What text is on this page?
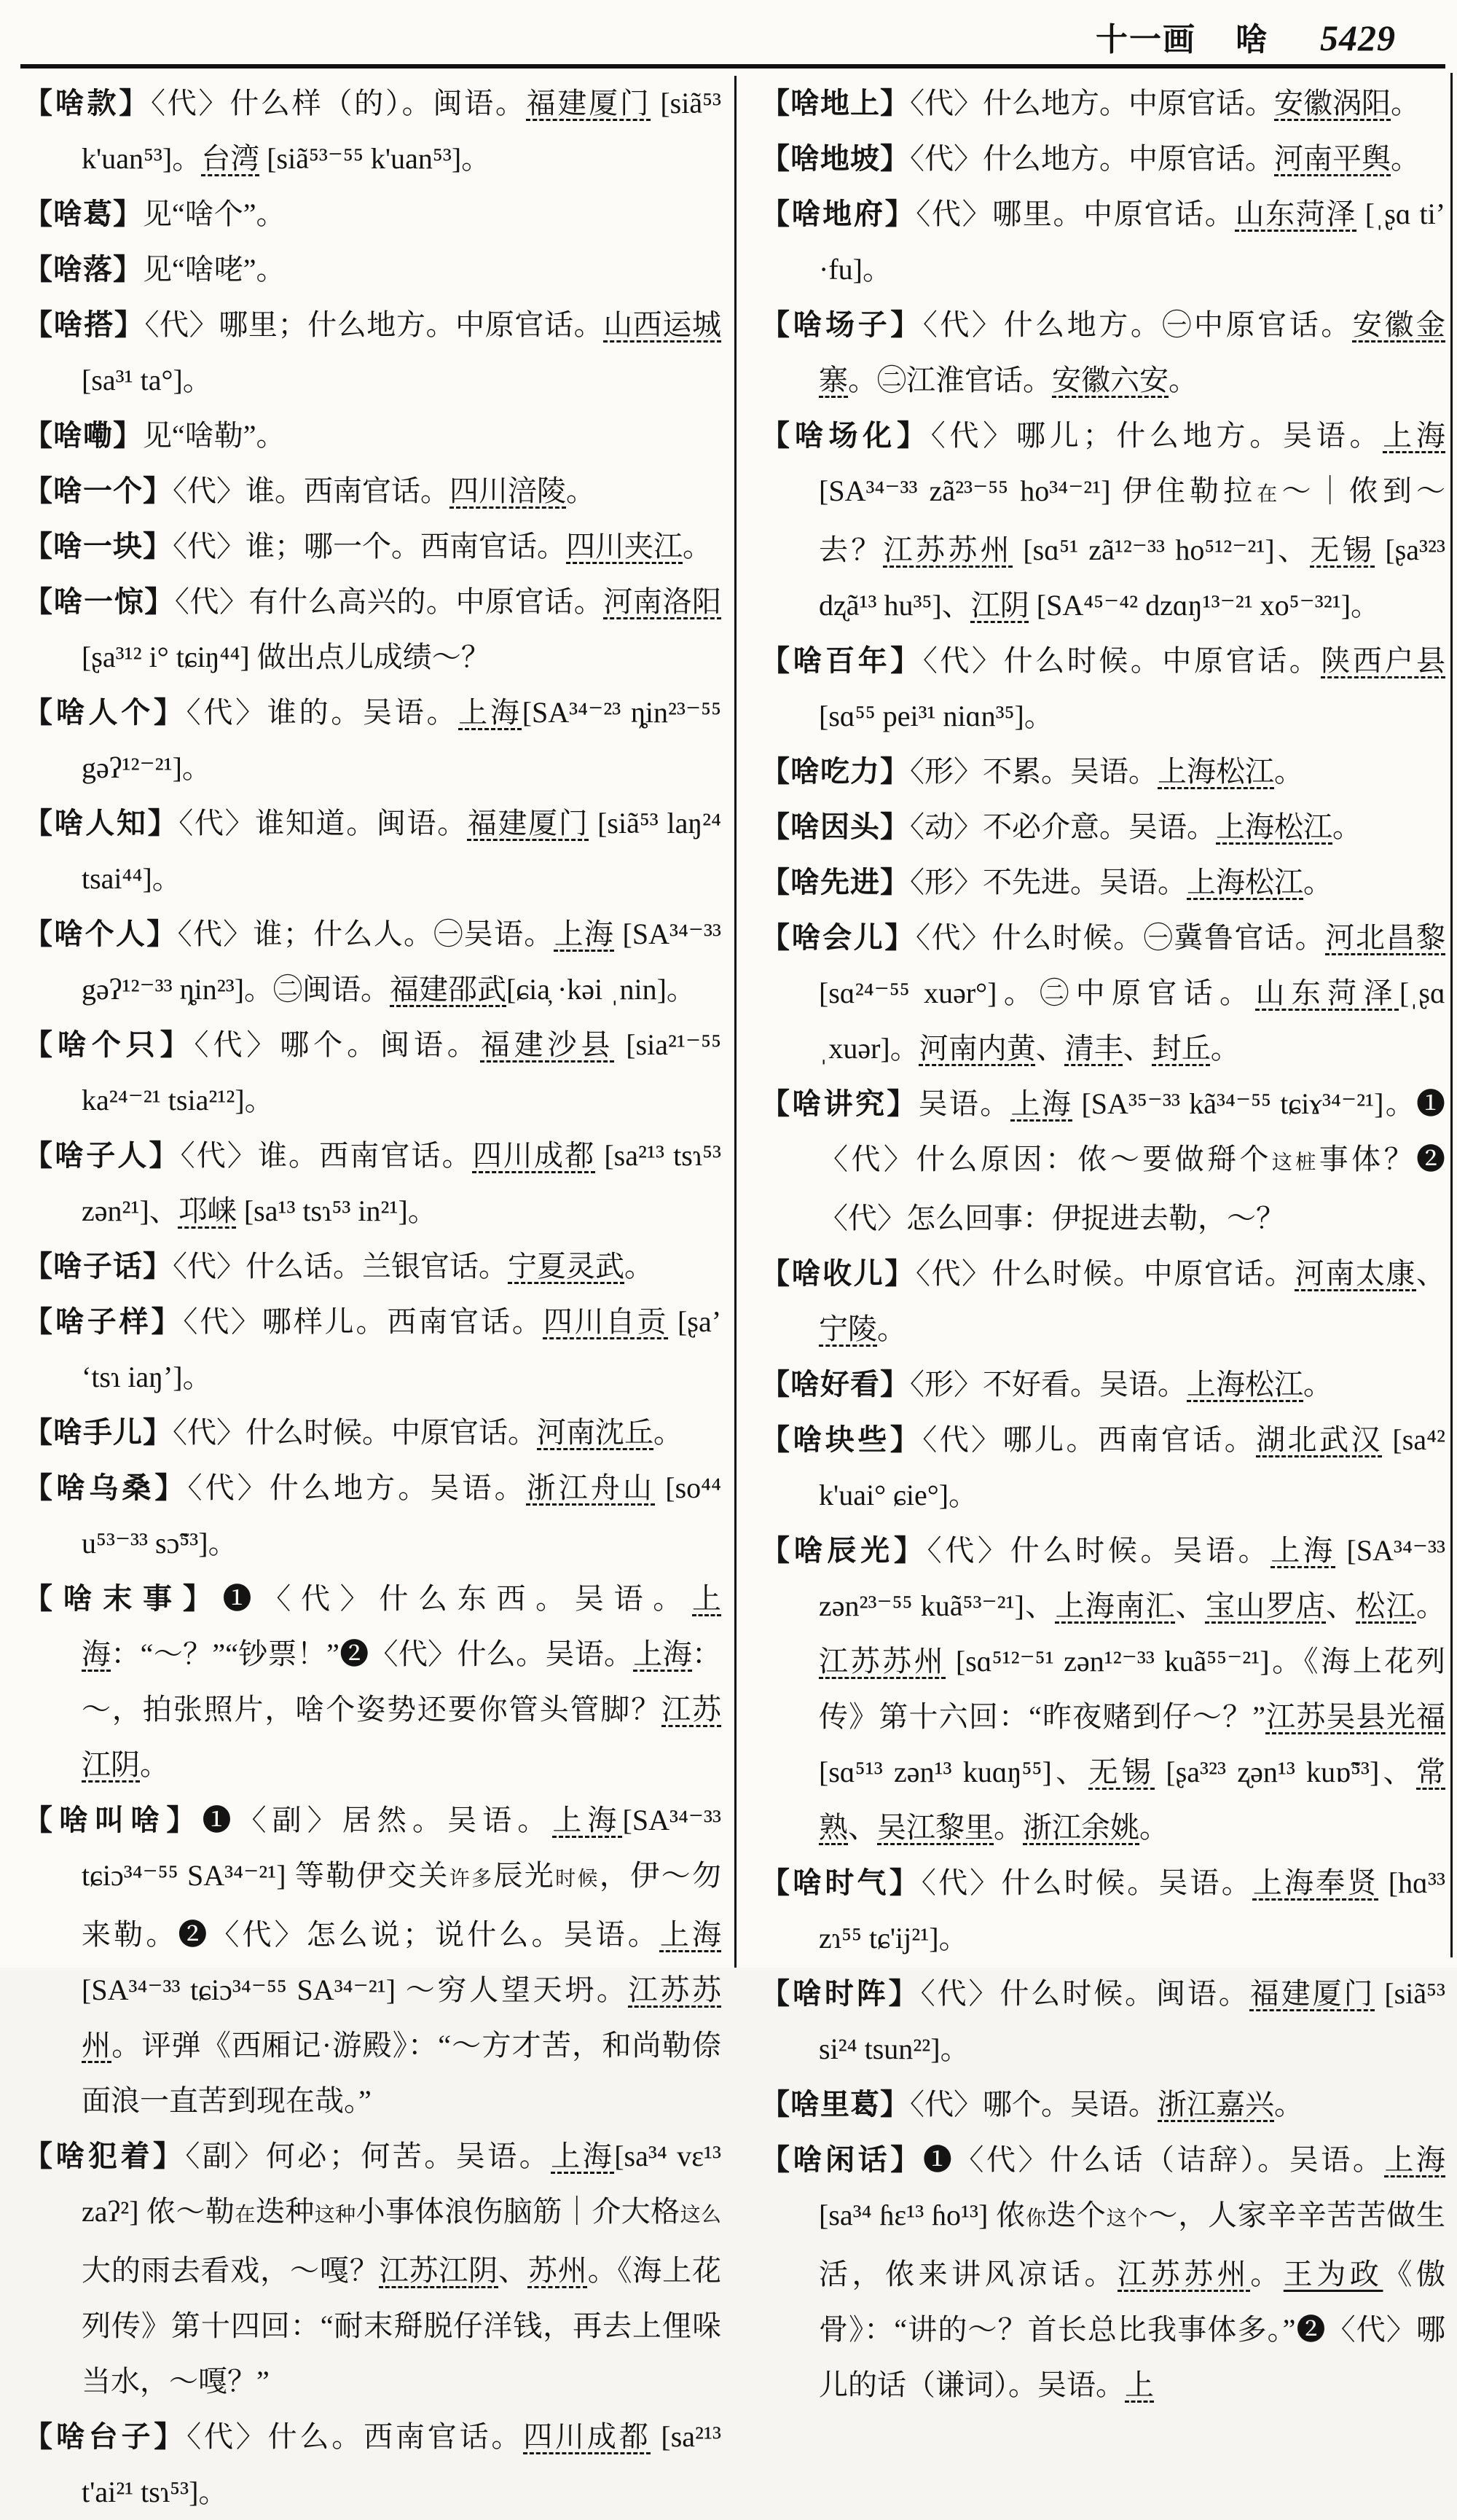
十一画 啥 5429
【啥款】〈代〉什么样（的）。闽语。福建厦门 [siã⁵³ k'uan⁵³]。台湾 [siã⁵³⁻⁵⁵ k'uan⁵³]。
【啥葛】见“啥个”。
【啥落】见“啥咾”。
【啥搭】〈代〉哪里；什么地方。中原官话。山西运城 [sa³¹ ta°]。
【啥嘞】见“啥勒”。
【啥一个】〈代〉谁。西南官话。四川涪陵。
【啥一块】〈代〉谁；哪一个。西南官话。四川夹江。
【啥一惊】〈代〉有什么高兴的。中原官话。河南洛阳 [ʂa³¹² i° tɕiŋ⁴⁴] 做出点儿成绩～？
【啥人个】〈代〉谁的。吴语。上海[SA³⁴⁻²³ ȵin²³⁻⁵⁵ gəʔ¹²⁻²¹]。
【啥人知】〈代〉谁知道。闽语。福建厦门 [siã⁵³ laŋ²⁴ tsai⁴⁴]。
【啥个人】〈代〉谁；什么人。㊀吴语。上海 [SA³⁴⁻³³ gəʔ¹²⁻³³ ȵin²³]。㊁闽语。福建邵武[ɕia̦ ·kəi ˌnin]。
【啥个只】〈代〉哪个。闽语。福建沙县 [sia²¹⁻⁵⁵ ka²⁴⁻²¹ tsia²¹²]。
【啥子人】〈代〉谁。西南官话。四川成都 [sa²¹³ tsɿ⁵³ zən²¹]、邛崃 [sa¹³ tsɿ⁵³ in²¹]。
【啥子话】〈代〉什么话。兰银官话。宁夏灵武。
【啥子样】〈代〉哪样儿。西南官话。四川自贡 [ʂaʼ ʻtsɿ iaŋʼ]。
【啥手儿】〈代〉什么时候。中原官话。河南沈丘。
【啥乌桑】〈代〉什么地方。吴语。浙江舟山 [so⁴⁴ u⁵³⁻³³ sɔ̃⁵³]。
【啥末事】❶〈代〉什么东西。吴语。上海：“～？”“钞票！”❷〈代〉什么。吴语。上海：～，拍张照片，啥个姿势还要你管头管脚？江苏江阴。
【啥叫啥】❶〈副〉居然。吴语。上海[SA³⁴⁻³³ tɕiɔ³⁴⁻⁵⁵ SA³⁴⁻²¹] 等勒伊交关许多辰光时候，伊～勿来勒。❷〈代〉怎么说；说什么。吴语。上海 [SA³⁴⁻³³ tɕiɔ³⁴⁻⁵⁵ SA³⁴⁻²¹] ～穷人望天坍。江苏苏州。评弹《西厢记·游殿》：“～方才苦，和尚勒倷面浪一直苦到现在哉。”
【啥犯着】〈副〉何必；何苦。吴语。上海[sa³⁴ vɛ¹³ zaʔ²] 侬～勒在迭种这种小事体浪伤脑筋｜介大格这么大的雨去看戏，～嘎？江苏江阴、苏州。《海上花列传》第十四回：“耐末搿脱仔洋钱，再去上俚哚当水，～嘎？”
【啥台子】〈代〉什么。西南官话。四川成都 [sa²¹³ t'ai²¹ tsɿ⁵³]。
【啥地上】〈代〉什么地方。中原官话。安徽涡阳。
【啥地坡】〈代〉什么地方。中原官话。河南平舆。
【啥地府】〈代〉哪里。中原官话。山东菏泽 [ˌʂɑ tiʼ ·fu]。
【啥场子】〈代〉什么地方。㊀中原官话。安徽金寨。㊁江淮官话。安徽六安。
【啥场化】〈代〉哪儿；什么地方。吴语。上海 [SA³⁴⁻³³ zã²³⁻⁵⁵ ho³⁴⁻²¹] 伊住勒拉在～｜侬到～去？江苏苏州 [sɑ⁵¹ zã¹²⁻³³ ho⁵¹²⁻²¹]、无锡 [ʂa³²³ dʐã¹³ hu³⁵]、江阴 [SA⁴⁵⁻⁴² dzɑŋ¹³⁻²¹ xo⁵⁻³²¹]。
【啥百年】〈代〉什么时候。中原官话。陕西户县 [sɑ⁵⁵ pei³¹ niɑn³⁵]。
【啥吃力】〈形〉不累。吴语。上海松江。
【啥因头】〈动〉不必介意。吴语。上海松江。
【啥先进】〈形〉不先进。吴语。上海松江。
【啥会儿】〈代〉什么时候。㊀冀鲁官话。河北昌黎 [sɑ²⁴⁻⁵⁵ xuər°]。㊁中原官话。山东菏泽[ˌʂɑ ˌxuər]。河南内黄、清丰、封丘。
【啥讲究】吴语。上海 [SA³⁵⁻³³ kã³⁴⁻⁵⁵ tɕiɤ³⁴⁻²¹]。❶〈代〉什么原因：侬～要做搿个这桩事体？❷〈代〉怎么回事：伊捉进去勒，～？
【啥收儿】〈代〉什么时候。中原官话。河南太康、宁陵。
【啥好看】〈形〉不好看。吴语。上海松江。
【啥块些】〈代〉哪儿。西南官话。湖北武汉 [sa⁴² k'uai° ɕie°]。
【啥辰光】〈代〉什么时候。吴语。上海 [SA³⁴⁻³³ zən²³⁻⁵⁵ kuã⁵³⁻²¹]、上海南汇、宝山罗店、松江。江苏苏州 [sɑ⁵¹²⁻⁵¹ zən¹²⁻³³ kuã⁵⁵⁻²¹]。《海上花列传》第十六回：“昨夜赌到仔～？”江苏吴县光福 [sɑ⁵¹³ zən¹³ kuɑŋ⁵⁵]、无锡 [ʂa³²³ ʐən¹³ kuɒ̃⁵³]、常熟、吴江黎里。浙江余姚。
【啥时气】〈代〉什么时候。吴语。上海奉贤 [hɑ³³ zɿ⁵⁵ tɕ'ij²¹]。
【啥时阵】〈代〉什么时候。闽语。福建厦门 [siã⁵³ si²⁴ tsun²²]。
【啥里葛】〈代〉哪个。吴语。浙江嘉兴。
【啥闲话】❶〈代〉什么话（诘辞）。吴语。上海 [sa³⁴ ɦɛ¹³ ɦo¹³] 侬你迭个这个～，人家辛辛苦苦做生活，侬来讲风凉话。江苏苏州。王为政《傲骨》：“讲的～？首长总比我事体多。”❷〈代〉哪儿的话（谦词）。吴语。上
